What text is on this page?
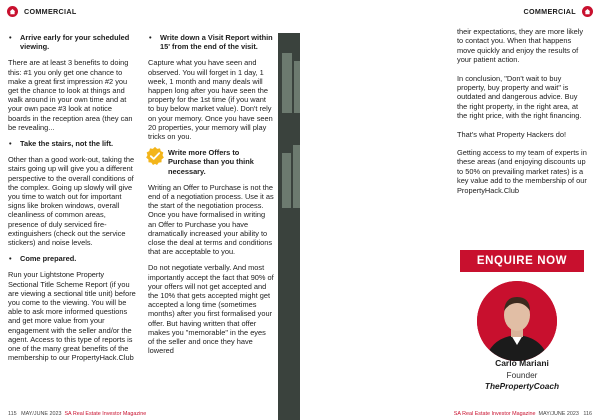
COMMERCIAL

• Arrive early for your scheduled viewing.

There are at least 3 benefits to doing this: #1 you only get one chance to make a great first impression #2 you get the chance to look at things and walk around in your own time and at your own pace #3 look at notice boards in the reception area (they can be revealing...

• Take the stairs, not the lift.

Other than a good work-out, taking the stairs going up will give you a different perspective to the overall conditions of the complex. Going up slowly will give you time to watch out for important signs like broken windows, overall cleanliness of common areas, presence of duly serviced fire-extinguishers (check out the service stickers) and noise levels.

• Come prepared.

Run your Lightstone Property Sectional Title Scheme Report (if you are viewing a sectional title unit) before you come to the viewing. You will be able to ask more informed questions and get more value from your engagement with the seller and/or the agent. Access to this type of reports is one of the many great benefits of the membership to our PropertyHack.Club

• Write down a Visit Report within 15' from the end of the visit.

Capture what you have seen and observed. You will forget in 1 day, 1 week, 1 month and many deals will happen long after you have seen the property for the 1st time (if you want to buy below market value). Don't rely on your memory. Once you have seen 20 properties, your memory will play tricks on you.

Write more Offers to Purchase than you think necessary.

Writing an Offer to Purchase is not the end of a negotiation process. Use it as the start of the negotiation process. Once you have formalised in writing an Offer to Purchase you have dramatically increased your ability to close the deal at terms and conditions that are acceptable to you.

Do not negotiate verbally. And most importantly accept the fact that 90% of your offers will not get accepted and the 10% that gets accepted might get accepted a long time (sometimes months) after you first formalised your offer. But having written that offer makes you "memorable" in the eyes of the seller and once they have lowered

115 MAY/JUNE 2023 SA Real Estate Investor Magazine
COMMERCIAL

their expectations, they are more likely to contact you. When that happens move quickly and enjoy the results of your patient action.

In conclusion, "Don't wait to buy property, buy property and wait" is outdated and dangerous advice. Buy the right property, in the right area, at the right price, with the right financing.

That's what Property Hackers do!

Getting access to my team of experts in these areas (and enjoying discounts up to 50% on prevailing market rates) is a key value add to the membership of our PropertyHack.Club

ENQUIRE NOW
Carlo Mariani
Founder
ThePropertyCoach
SA Real Estate Investor Magazine MAY/JUNE 2023 116
